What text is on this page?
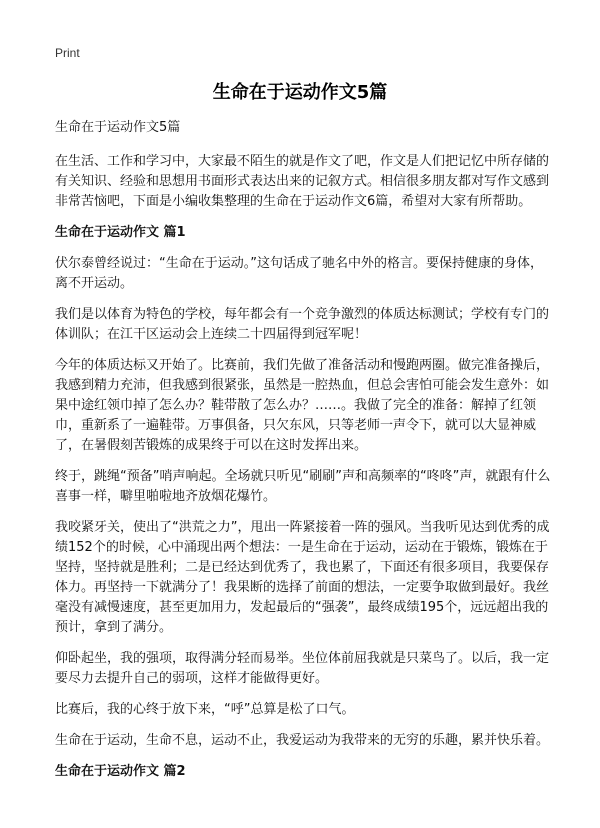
Print
生命在于运动作文5篇

生命在于运动作文5篇

在生活、工作和学习中，大家最不陌生的就是作文了吧，作文是人们把记忆中所存储的有关知识、经验和思想用书面形式表达出来的记叙方式。相信很多朋友都对写作文感到非常苦恼吧，下面是小编收集整理的生命在于运动作文6篇，希望对大家有所帮助。

生命在于运动作文 篇1

伏尔泰曾经说过：“生命在于运动。”这句话成了驰名中外的格言。要保持健康的身体，离不开运动。

我们是以体育为特色的学校，每年都会有一个竞争激烈的体质达标测试；学校有专门的体训队；在江干区运动会上连续二十四届得到冠军呢！

今年的体质达标又开始了。比赛前，我们先做了准备活动和慢跑两圈。做完准备操后，我感到精力充沛，但我感到很紧张，虽然是一腔热血，但总会害怕可能会发生意外：如果中途红领巾掉了怎么办？鞋带散了怎么办？……。我做了完全的准备：解掉了红领巾，重新系了一遍鞋带。万事俱备，只欠东风，只等老师一声令下，就可以大显神威了，在暑假刻苦锻炼的成果终于可以在这时发挥出来。

终于，跳绳“预备”哨声响起。全场就只听见“刷刷”声和高频率的“咚咚”声，就跟有什么喜事一样，噼里啪啦地齐放烟花爆竹。

我咬紧牙关，使出了“洪荒之力”，甩出一阵紧接着一阵的强风。当我听见达到优秀的成绩152个的时候，心中涌现出两个想法：一是生命在于运动，运动在于锻炼，锻炼在于坚持，坚持就是胜利；二是已经达到优秀了，我也累了，下面还有很多项目，我要保存体力。再坚持一下就满分了！我果断的选择了前面的想法，一定要争取做到最好。我丝毫没有减慢速度，甚至更加用力，发起最后的“强袭”，最终成绩195个，远远超出我的预计，拿到了满分。

仰卧起坐，我的强项，取得满分轻而易举。坐位体前屈我就是只菜鸟了。以后，我一定要尽力去提升自己的弱项，这样才能做得更好。

比赛后，我的心终于放下来，“呼”总算是松了口气。

生命在于运动，生命不息，运动不止，我爱运动为我带来的无穷的乐趣，累并快乐着。

生命在于运动作文 篇2
